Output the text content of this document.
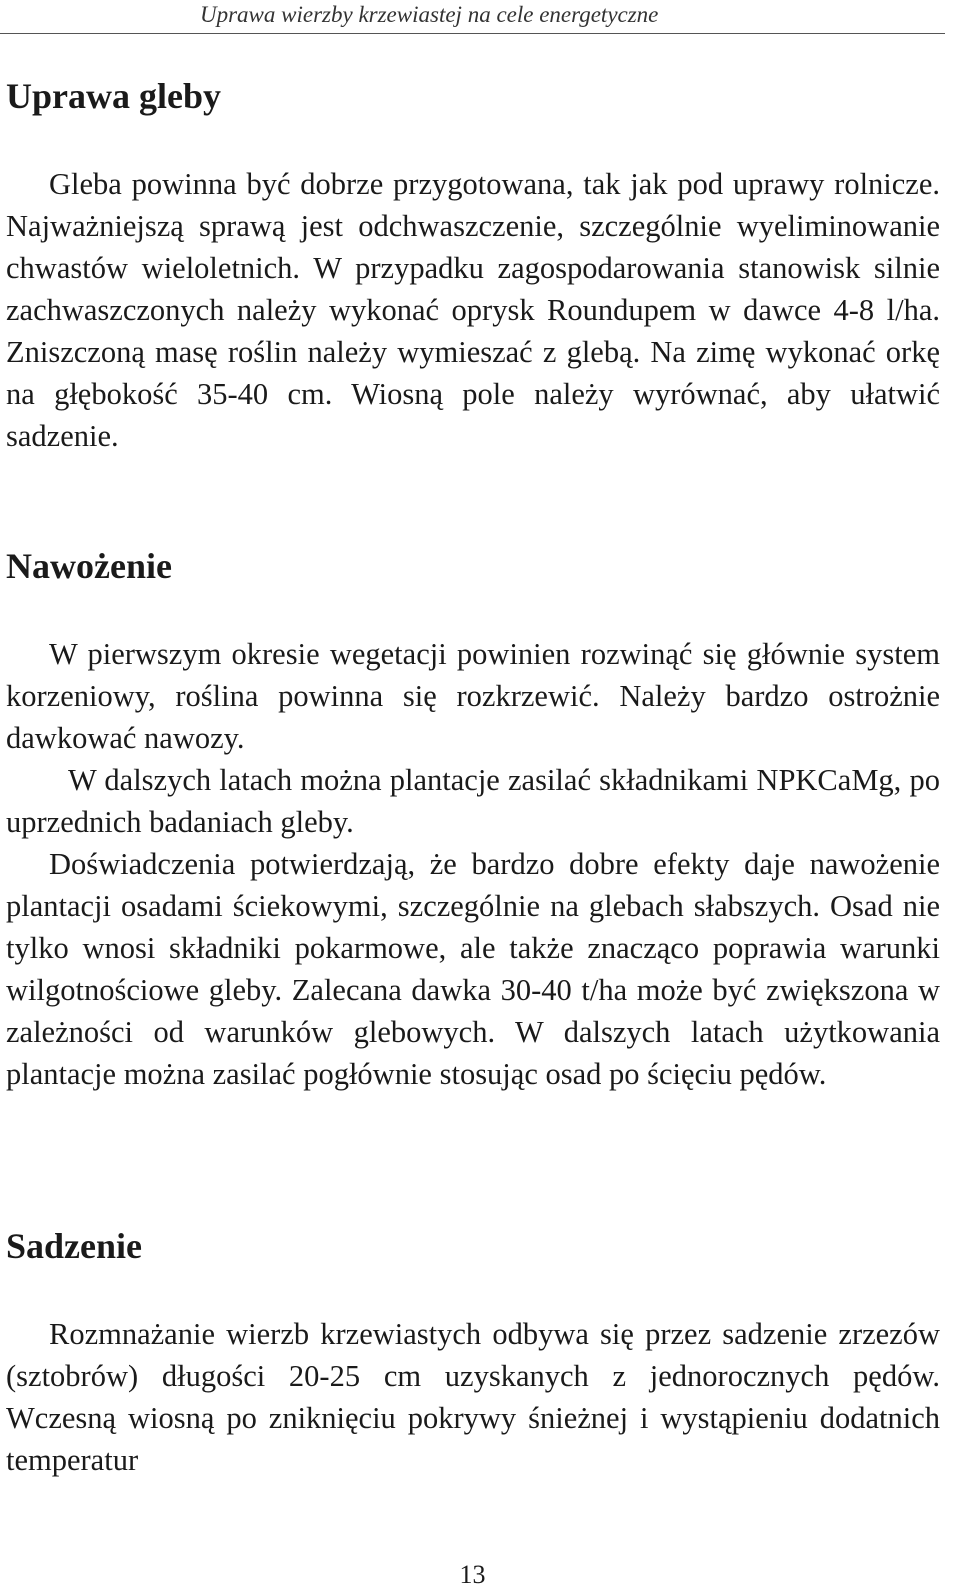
Uprawa wierzby krzewiastej na cele energetyczne
Uprawa gleby

Gleba powinna być dobrze przygotowana, tak jak pod uprawy rolnicze. Najważniejszą sprawą jest odchwaszczenie, szczególnie wyeliminowanie chwastów wieloletnich. W przypadku zagospodarowania stanowisk silnie zachwaszczonych należy wykonać oprysk Roundupem w dawce 4-8 l/ha. Zniszczoną masę roślin należy wymieszać z glebą. Na zimę wykonać orkę na głębokość 35-40 cm. Wiosną pole należy wyrównać, aby ułatwić sadzenie.

Nawożenie

W pierwszym okresie wegetacji powinien rozwinąć się głównie system korzeniowy, roślina powinna się rozkrzewić. Należy bardzo ostrożnie dawkować nawozy.

W dalszych latach można plantacje zasilać składnikami NPKCaMg, po uprzednich badaniach gleby.

Doświadczenia potwierdzają, że bardzo dobre efekty daje nawożenie plantacji osadami ściekowymi, szczególnie na glebach słabszych. Osad nie tylko wnosi składniki pokarmowe, ale także znacząco poprawia warunki wilgotnościowe gleby. Zalecana dawka 30-40 t/ha może być zwiększona w zależności od warunków glebowych. W dalszych latach użytkowania plantacje można zasilać pogłównie stosując osad po ścięciu pędów.

Sadzenie

Rozmnażanie wierzb krzewiastych odbywa się przez sadzenie zrzezów (sztobrów) długości 20-25 cm uzyskanych z jednorocznych pędów. Wczesną wiosną po zniknięciu pokrywy śnieżnej i wystąpieniu dodatnich temperatur

13
